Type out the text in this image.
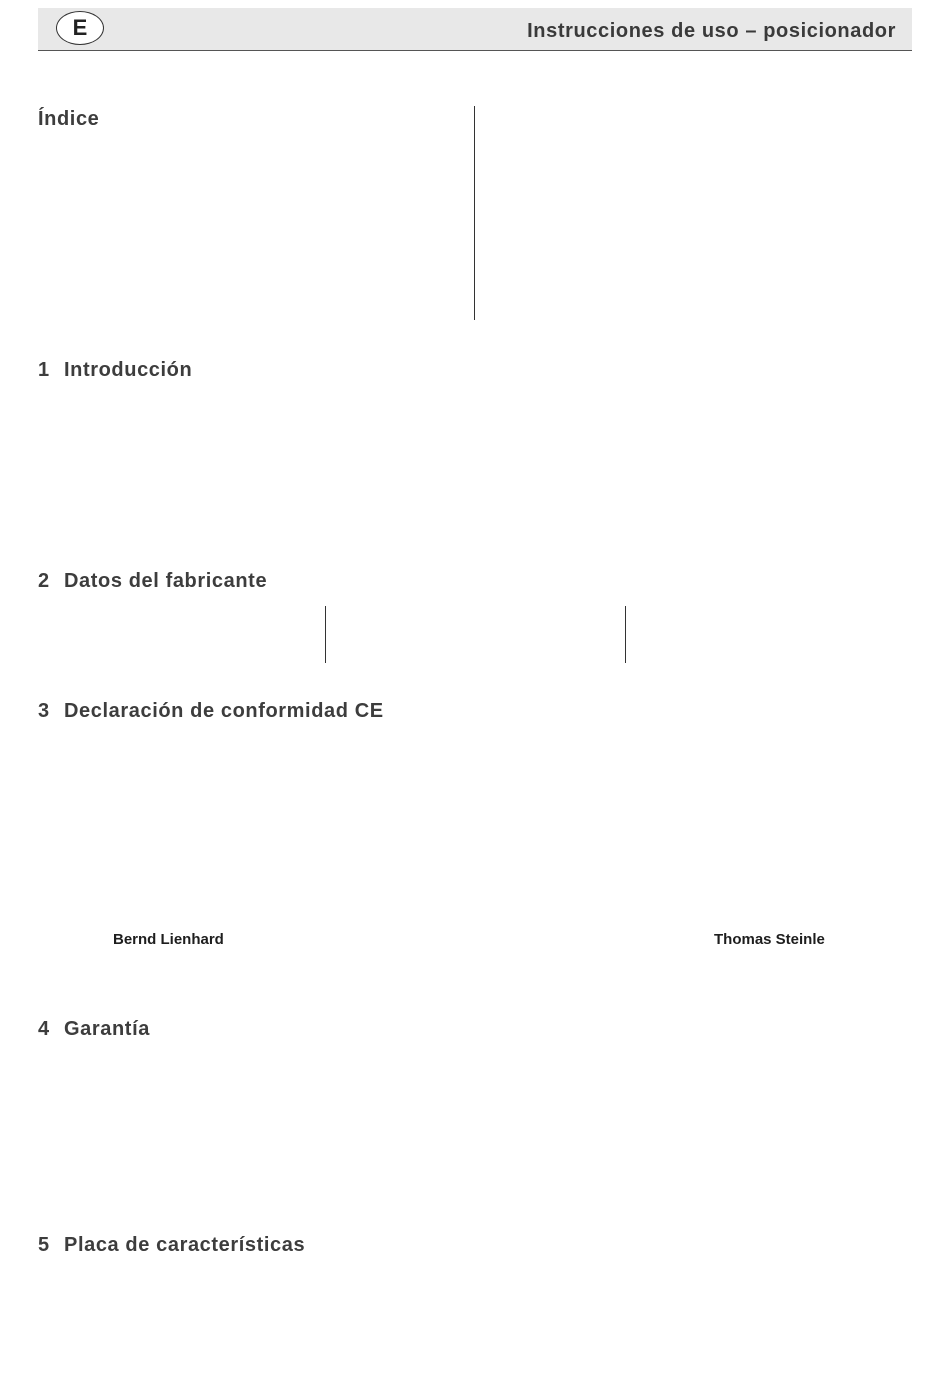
E	Instrucciones de uso – posicionador
Índice
1 Introducción
2 Datos del fabricante
3 Declaración de conformidad CE
Bernd Lienhard	Thomas Steinle
4 Garantía
5 Placa de características
